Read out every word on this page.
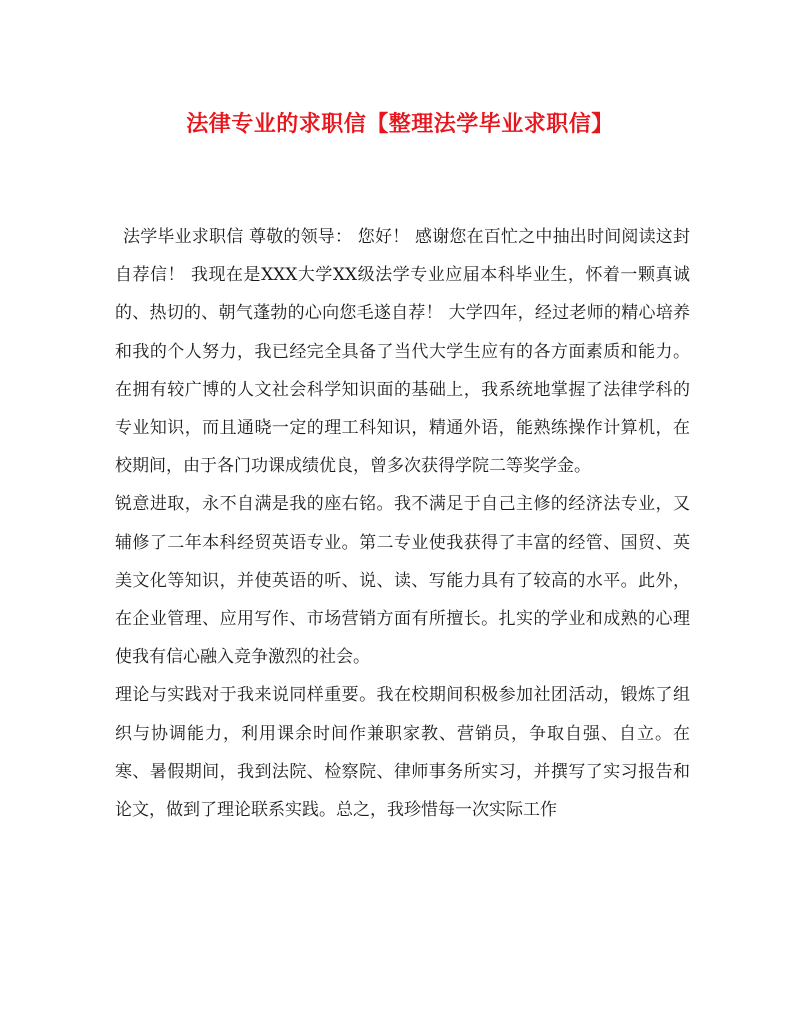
法律专业的求职信【整理法学毕业求职信】

法学毕业求职信 尊敬的领导： 您好！ 感谢您在百忙之中抽出时间阅读这封自荐信！ 我现在是XXX大学XX级法学专业应届本科毕业生，怀着一颗真诚的、热切的、朝气蓬勃的心向您毛遂自荐！ 大学四年，经过老师的精心培养和我的个人努力，我已经完全具备了当代大学生应有的各方面素质和能力。在拥有较广博的人文社会科学知识面的基础上，我系统地掌握了法律学科的专业知识，而且通晓一定的理工科知识，精通外语，能熟练操作计算机，在校期间，由于各门功课成绩优良，曾多次获得学院二等奖学金。

锐意进取，永不自满是我的座右铭。我不满足于自己主修的经济法专业，又辅修了二年本科经贸英语专业。第二专业使我获得了丰富的经管、国贸、英美文化等知识，并使英语的听、说、读、写能力具有了较高的水平。此外，在企业管理、应用写作、市场营销方面有所擅长。扎实的学业和成熟的心理使我有信心融入竞争激烈的社会。

理论与实践对于我来说同样重要。我在校期间积极参加社团活动，锻炼了组织与协调能力，利用课余时间作兼职家教、营销员，争取自强、自立。在寒、暑假期间，我到法院、检察院、律师事务所实习，并撰写了实习报告和论文，做到了理论联系实践。总之，我珍惜每一次实际工作
